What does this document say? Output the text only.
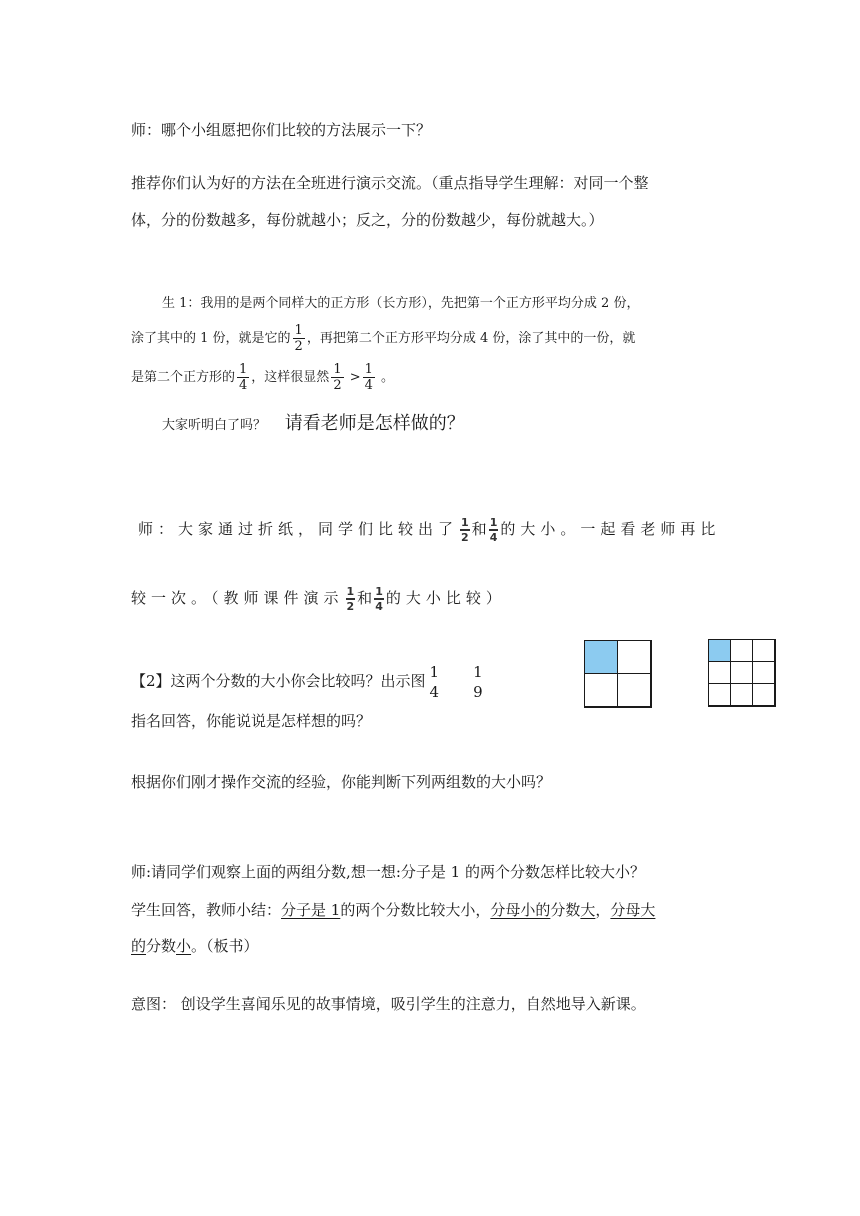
师：哪个小组愿把你们比较的方法展示一下？
推荐你们认为好的方法在全班进行演示交流。（重点指导学生理解：对同一个整
体，分的份数越多，每份就越小；反之，分的份数越少，每份就越大。）
生 1：我用的是两个同样大的正方形（长方形），先把第一个正方形平均分成 2 份，
涂了其中的 1 份，就是它的 $\frac{1}{2}$ ，再把第二个正方形平均分成 4 份，涂了其中的一份，就
是第二个正方形的 $\frac{1}{4}$ ，这样很显然 $\frac{1}{2} > \frac{1}{4}$ 。
大家听明白了吗？ 请看老师是怎样做的？
师：大家通过折纸，同学们比较出了 $\frac{1}{2}$ 和 $\frac{1}{4}$ 的大小。一起看老师再比
较一次。（教师课件演示 $\frac{1}{2}$ 和 $\frac{1}{4}$ 的大小比较）
【2】这两个分数的大小你会比较吗？出示图 1
4
1
9
指名回答，你能说说是怎样想的吗？
根据你们刚才操作交流的经验，你能判断下列两组数的大小吗？
师:请同学们观察上面的两组分数,想一想:分子是 1 的两个分数怎样比较大小？
学生回答，教师小结：分子是 1的两个分数比较大小，分母小的分数大，分母大
的分数小。（板书）
意图： 创设学生喜闻乐见的故事情境，吸引学生的注意力，自然地导入新课。
